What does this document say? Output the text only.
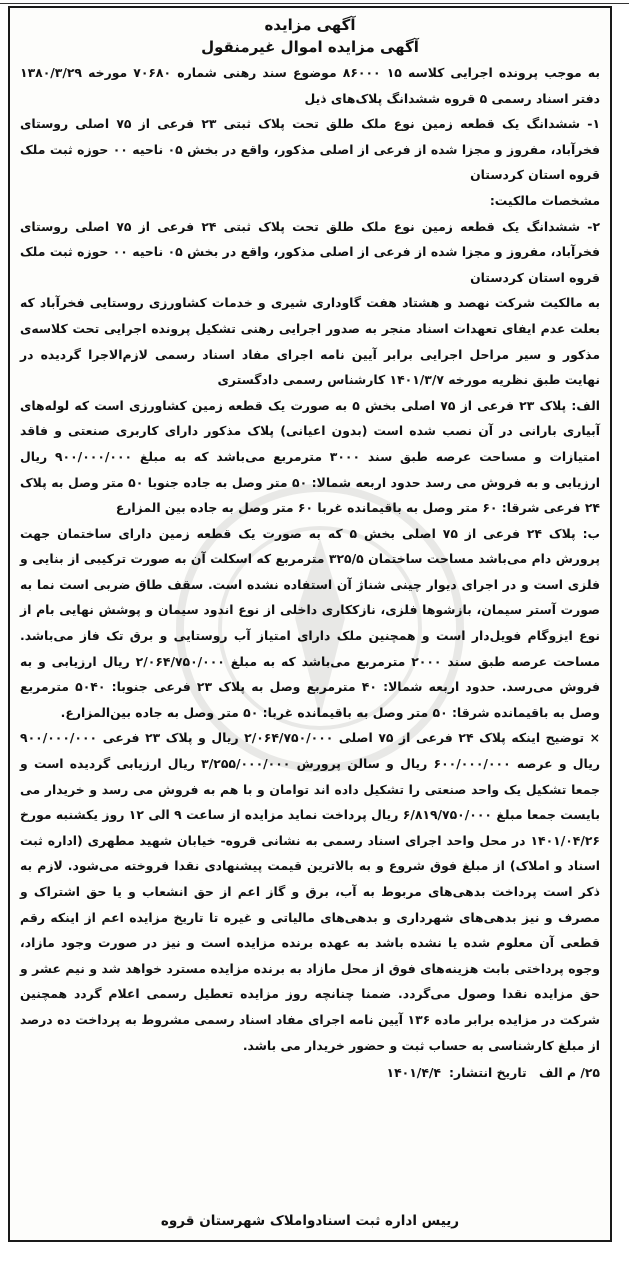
آگهی مزایده
آگهی مزایده اموال غیرمنقول

به موجب پرونده اجرایی کلاسه ۱۵ ۸۶۰۰۰ موضوع سند رهنی شماره ۷۰۶۸۰ مورخه ۱۳۸۰/۳/۲۹ دفتر اسناد رسمی ۵ قروه ششدانگ پلاک‌های ذیل

۱- ششدانگ یک قطعه زمین نوع ملک طلق تحت پلاک ثبتی ۲۳ فرعی از ۷۵ اصلی روستای فخرآباد، مفروز و مجزا شده از فرعی از اصلی مذکور، واقع در بخش ۰۵ ناحیه ۰۰ حوزه ثبت ملک قروه استان کردستان

مشخصات مالکیت:

۲- ششدانگ یک قطعه زمین نوع ملک طلق تحت پلاک ثبتی ۲۴ فرعی از ۷۵ اصلی روستای فخرآباد، مفروز و مجزا شده از فرعی از اصلی مذکور، واقع در بخش ۰۵ ناحیه ۰۰ حوزه ثبت ملک قروه استان کردستان

به مالکیت شرکت نهصد و هشتاد هفت گاوداری شیری و خدمات کشاورزی روستایی فخرآباد که بعلت عدم ایفای تعهدات اسناد منجر به صدور اجرایی رهنی تشکیل پرونده اجرایی تحت کلاسه‌ی مذکور و سیر مراحل اجرایی برابر آیین نامه اجرای مفاد اسناد رسمی لازم‌الاجرا گردیده در نهایت طبق نظریه مورخه ۱۴۰۱/۳/۷ کارشناس رسمی دادگستری

الف: پلاک ۲۳ فرعی از ۷۵ اصلی بخش ۵ به صورت یک قطعه زمین کشاورزی است که لوله‌های آبیاری بارانی در آن نصب شده است (بدون اعیانی) پلاک مذکور دارای کاربری صنعتی و فاقد امتیازات و مساحت عرصه طبق سند ۳۰۰۰ مترمربع می‌باشد که به مبلغ ۹۰۰/۰۰۰/۰۰۰ ریال ارزیابی و به فروش می رسد حدود اربعه شمالا: ۵۰ متر وصل به جاده جنوبا ۵۰ متر وصل به پلاک ۲۴ فرعی شرقا: ۶۰ متر وصل به باقیمانده غربا ۶۰ متر وصل به جاده بین المزارع

ب: پلاک ۲۴ فرعی از ۷۵ اصلی بخش ۵ که به صورت یک قطعه زمین دارای ساختمان جهت پرورش دام می‌باشد مساحت ساختمان ۳۲۵/۵ مترمربع که اسکلت آن به صورت ترکیبی از بنایی و فلزی است و در اجرای دیوار چینی شناژ آن استفاده نشده است. سقف طاق ضربی است نما به صورت آستر سیمان، بازشوها فلزی، نازککاری داخلی از نوع اندود سیمان و پوشش نهایی بام از نوع ایزوگام فویل‌دار است و همچنین ملک دارای امتیاز آب روستایی و برق تک فاز می‌باشد. مساحت عرصه طبق سند ۲۰۰۰ مترمربع می‌باشد که به مبلغ ۲/۰۶۴/۷۵۰/۰۰۰ ریال ارزیابی و به فروش می‌رسد. حدود اربعه شمالا: ۴۰ مترمربع وصل به پلاک ۲۳ فرعی جنوبا: ۵۰۴۰ مترمربع وصل به باقیمانده شرقا: ۵۰ متر وصل به باقیمانده غربا: ۵۰ متر وصل به جاده بین‌المزارع.

× توضیح اینکه پلاک ۲۴ فرعی از ۷۵ اصلی ۲/۰۶۴/۷۵۰/۰۰۰ ریال و پلاک ۲۳ فرعی ۹۰۰/۰۰۰/۰۰۰ ریال و عرصه ۶۰۰/۰۰۰/۰۰۰ ریال و سالن پرورش ۳/۲۵۵/۰۰۰/۰۰۰ ریال ارزیابی گردیده است و جمعا تشکیل یک واحد صنعتی را تشکیل داده اند توامان و با هم به فروش می رسد و خریدار می بایست جمعا مبلغ ۶/۸۱۹/۷۵۰/۰۰۰ ریال پرداخت نماید مزایده از ساعت ۹ الی ۱۲ روز یکشنبه مورخ ۱۴۰۱/۰۴/۲۶ در محل واحد اجرای اسناد رسمی به نشانی قروه- خیابان شهید مطهری (اداره ثبت اسناد و املاک) از مبلغ فوق شروع و به بالاترین قیمت پیشنهادی نقدا فروخته می‌شود. لازم به ذکر است پرداخت بدهی‌های مربوط به آب، برق و گاز اعم از حق انشعاب و یا حق اشتراک و مصرف و نیز بدهی‌های شهرداری و بدهی‌های مالیاتی و غیره تا تاریخ مزایده اعم از اینکه رقم قطعی آن معلوم شده یا نشده باشد به عهده برنده مزایده است و نیز در صورت وجود مازاد، وجوه پرداختی بابت هزینه‌های فوق از محل مازاد به برنده مزایده مسترد خواهد شد و نیم عشر و حق مزایده نقدا وصول می‌گردد. ضمنا چنانچه روز مزایده تعطیل رسمی اعلام گردد همچنین شرکت در مزایده برابر ماده ۱۳۶ آیین نامه اجرای مفاد اسناد رسمی مشروط به پرداخت ده درصد از مبلغ کارشناسی به حساب ثبت و حضور خریدار می باشد.

۲۵/ م الف تاریخ انتشار:۱۴۰۱/۴/۴
رییس اداره ثبت اسناد‌واملاک شهرستان قروه
